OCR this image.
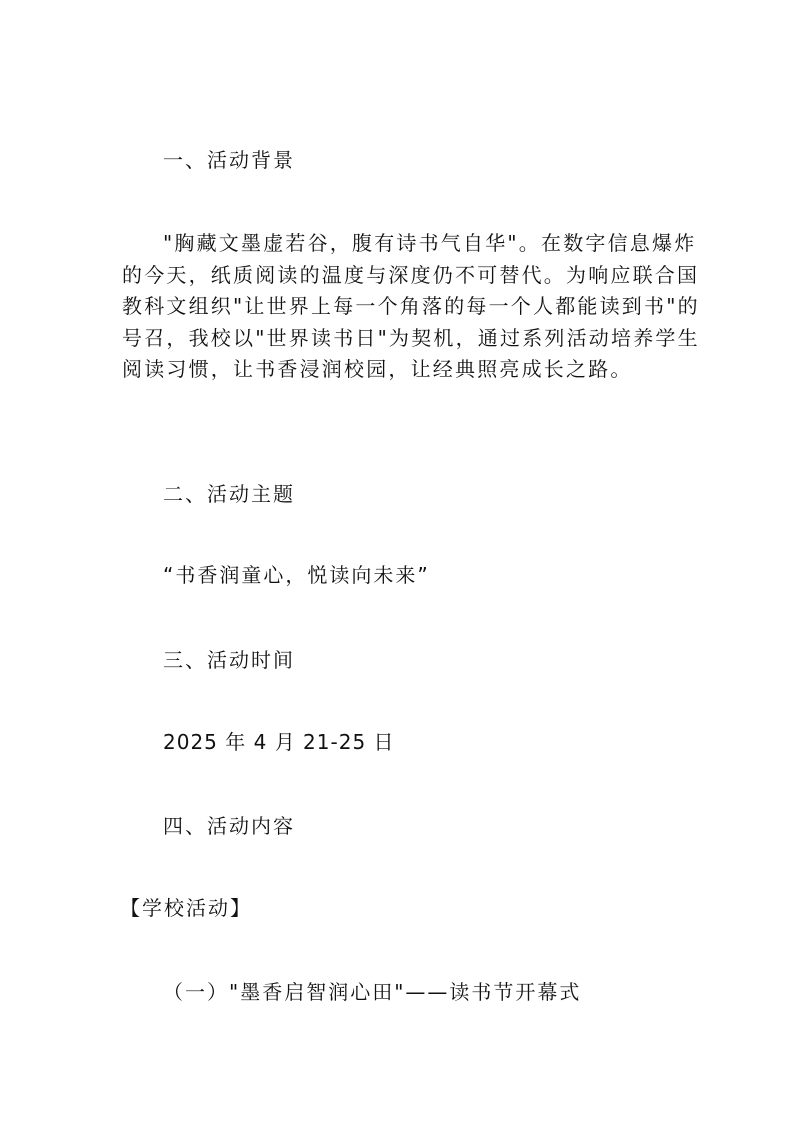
一、活动背景
"胸藏文墨虚若谷，腹有诗书气自华"。在数字信息爆炸
的今天，纸质阅读的温度与深度仍不可替代。为响应联合国
教科文组织"让世界上每一个角落的每一个人都能读到书"的
号召，我校以"世界读书日"为契机，通过系列活动培养学生
阅读习惯，让书香浸润校园，让经典照亮成长之路。
二、活动主题
“书香润童心，悦读向未来”
三、活动时间
2025 年 4 月 21-25 日
四、活动内容
【学校活动】
（一）"墨香启智润心田"——读书节开幕式
